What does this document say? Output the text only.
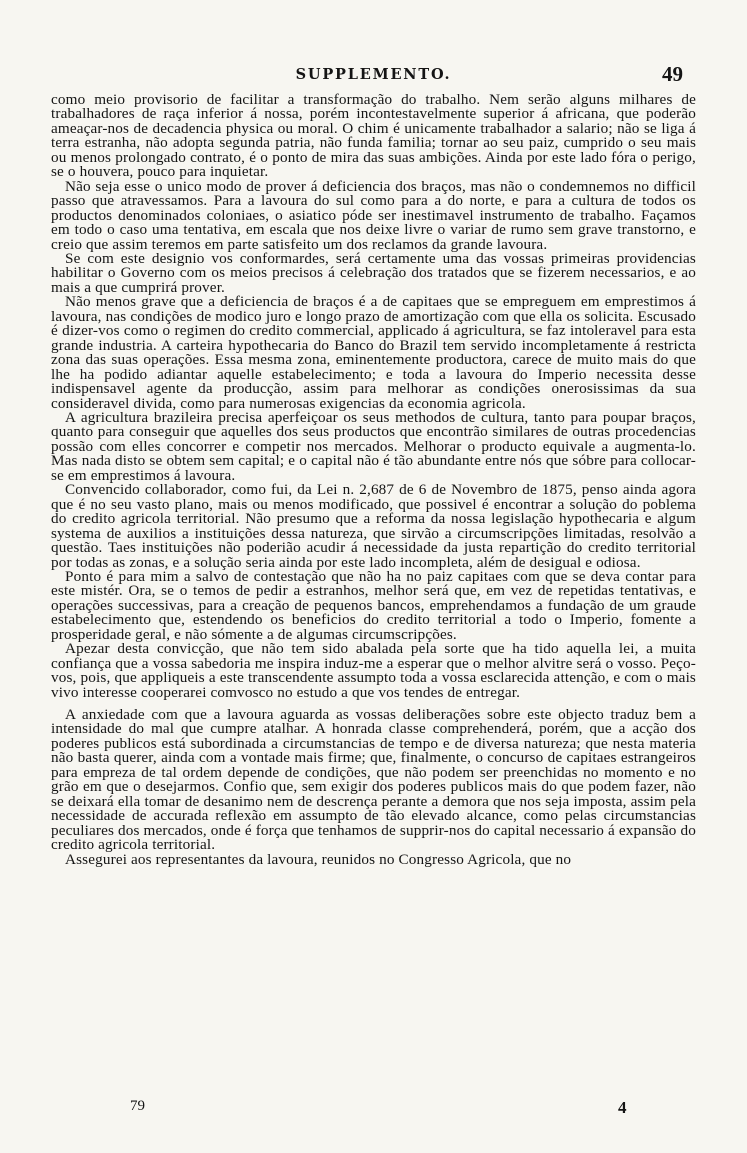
SUPPLEMENTO.	49

como meio provisorio de facilitar a transformação do trabalho. Nem serão alguns milhares de trabalhadores de raça inferior á nossa, porém incontestavelmente superior á africana, que poderão ameaçar-nos de decadencia physica ou moral. O chim é unicamente trabalhador a salario; não se liga á terra estranha, não adopta segunda patria, não funda familia; tornar ao seu paiz, cumprido o seu mais ou menos prolongado contrato, é o ponto de mira das suas ambições. Ainda por este lado fóra o perigo, se o houvera, pouco para inquietar.

Não seja esse o unico modo de prover á deficiencia dos braços, mas não o condemnemos no difficil passo que atravessamos. Para a lavoura do sul como para a do norte, e para a cultura de todos os productos denominados coloniaes, o asiatico póde ser inestimavel instrumento de trabalho. Façamos em todo o caso uma tentativa, em escala que nos deixe livre o variar de rumo sem grave transtorno, e creio que assim teremos em parte satisfeito um dos reclamos da grande lavoura.

Se com este designio vos conformardes, será certamente uma das vossas primeiras providencias habilitar o Governo com os meios precisos á celebração dos tratados que se fizerem necessarios, e ao mais a que cumprirá prover.

Não menos grave que a deficiencia de braços é a de capitaes que se empreguem em emprestimos á lavoura, nas condições de modico juro e longo prazo de amortização com que ella os solicita. Escusado é dizer-vos como o regimen do credito commercial, applicado á agricultura, se faz intoleravel para esta grande industria. A carteira hypothecaria do Banco do Brazil tem servido incompletamente á restricta zona das suas operações. Essa mesma zona, eminentemente productora, carece de muito mais do que lhe ha podido adiantar aquelle estabelecimento; e toda a lavoura do Imperio necessita desse indispensavel agente da producção, assim para melhorar as condições onerosissimas da sua consideravel divida, como para numerosas exigencias da economia agricola.

A agricultura brazileira precisa aperfeiçoar os seus methodos de cultura, tanto para poupar braços, quanto para conseguir que aquelles dos seus productos que encontrão similares de outras procedencias possão com elles concorrer e competir nos mercados. Melhorar o producto equivale a augmenta-lo. Mas nada disto se obtem sem capital; e o capital não é tão abundante entre nós que sóbre para collocar-se em emprestimos á lavoura.

Convencido collaborador, como fui, da Lei n. 2,687 de 6 de Novembro de 1875, penso ainda agora que é no seu vasto plano, mais ou menos modificado, que possivel é encontrar a solução do poblema do credito agricola territorial. Não presumo que a reforma da nossa legislação hypothecaria e algum systema de auxilios a instituições dessa natureza, que sirvão a circumscripções limitadas, resolvão a questão. Taes instituições não poderião acudir á necessidade da justa repartição do credito territorial por todas as zonas, e a solução seria ainda por este lado incompleta, além de desigual e odiosa.

Ponto é para mim a salvo de contestação que não ha no paiz capitaes com que se deva contar para este mistér. Ora, se o temos de pedir a estranhos, melhor será que, em vez de repetidas tentativas, e operações successivas, para a creação de pequenos bancos, emprehendamos a fundação de um graude estabelecimento que, estendendo os beneficios do credito territorial a todo o Imperio, fomente a prosperidade geral, e não sómente a de algumas circumscripções.

Apezar desta convicção, que não tem sido abalada pela sorte que ha tido aquella lei, a muita confiança que a vossa sabedoria me inspira induz-me a esperar que o melhor alvitre será o vosso. Peço-vos, pois, que appliqueis a este transcendente assumpto toda a vossa esclarecida attenção, e com o mais vivo interesse cooperarei comvosco no estudo a que vos tendes de entregar.

A anxiedade com que a lavoura aguarda as vossas deliberações sobre este objecto traduz bem a intensidade do mal que cumpre atalhar. A honrada classe comprehenderá, porém, que a acção dos poderes publicos está subordinada a circumstancias de tempo e de diversa natureza; que nesta materia não basta querer, ainda com a vontade mais firme; que, finalmente, o concurso de capitaes estrangeiros para empreza de tal ordem depende de condições, que não podem ser preenchidas no momento e no grão em que o desejarmos. Confio que, sem exigir dos poderes publicos mais do que podem fazer, não se deixará ella tomar de desanimo nem de descrença perante a demora que nos seja imposta, assim pela necessidade de accurada reflexão em assumpto de tão elevado alcance, como pelas circumstancias peculiares dos mercados, onde é força que tenhamos de supprir-nos do capital necessario á expansão do credito agricola territorial.

Assegurei aos representantes da lavoura, reunidos no Congresso Agricola, que no

79	4
